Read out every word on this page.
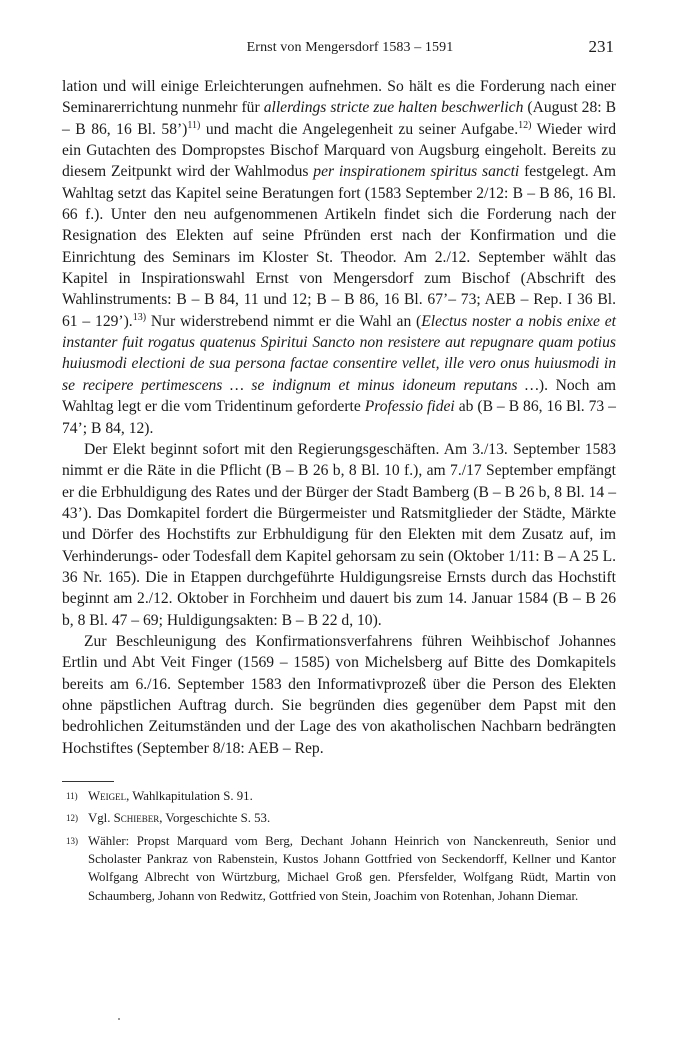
Ernst von Mengersdorf 1583 – 1591	231

lation und will einige Erleichterungen aufnehmen. So hält es die Forderung nach einer Seminarerrichtung nunmehr für allerdings stricte zue halten beschwerlich (August 28: B – B 86, 16 Bl. 58’)$^{11)}$ und macht die Angelegenheit zu seiner Aufgabe.$^{12)}$ Wieder wird ein Gutachten des Dompropstes Bischof Marquard von Augsburg eingeholt. Bereits zu diesem Zeitpunkt wird der Wahlmodus per inspirationem spiritus sancti festgelegt. Am Wahltag setzt das Kapitel seine Beratungen fort (1583 September 2/12: B – B 86, 16 Bl. 66 f.). Unter den neu aufgenommenen Artikeln findet sich die Forderung nach der Resignation des Elekten auf seine Pfründen erst nach der Konfirmation und die Einrichtung des Seminars im Kloster St. Theodor. Am 2./12. September wählt das Kapitel in Inspirationswahl Ernst von Mengersdorf zum Bischof (Abschrift des Wahlinstruments: B – B 84, 11 und 12; B – B 86, 16 Bl. 67’– 73; AEB – Rep. I 36 Bl. 61 – 129’).$^{13)}$ Nur widerstrebend nimmt er die Wahl an (Electus noster a nobis enixe et instanter fuit rogatus quatenus Spiritui Sancto non resistere aut repugnare quam potius huiusmodi electioni de sua persona factae consentire vellet, ille vero onus huiusmodi in se recipere pertimescens … se indignum et minus idoneum reputans …). Noch am Wahltag legt er die vom Tridentinum geforderte Professio fidei ab (B – B 86, 16 Bl. 73 – 74’; B 84, 12).

Der Elekt beginnt sofort mit den Regierungsgeschäften. Am 3./13. September 1583 nimmt er die Räte in die Pflicht (B – B 26 b, 8 Bl. 10 f.), am 7./17 September empfängt er die Erbhuldigung des Rates und der Bürger der Stadt Bamberg (B – B 26 b, 8 Bl. 14 – 43’). Das Domkapitel fordert die Bürgermeister und Ratsmitglieder der Städte, Märkte und Dörfer des Hochstifts zur Erbhuldigung für den Elekten mit dem Zusatz auf, im Verhinderungs- oder Todesfall dem Kapitel gehorsam zu sein (Oktober 1/11: B – A 25 L. 36 Nr. 165). Die in Etappen durchgeführte Huldigungsreise Ernsts durch das Hochstift beginnt am 2./12. Oktober in Forchheim und dauert bis zum 14. Januar 1584 (B – B 26 b, 8 Bl. 47 – 69; Huldigungsakten: B – B 22 d, 10).

Zur Beschleunigung des Konfirmationsverfahrens führen Weihbischof Johannes Ertlin und Abt Veit Finger (1569 – 1585) von Michelsberg auf Bitte des Domkapitels bereits am 6./16. September 1583 den Informativprozeß über die Person des Elekten ohne päpstlichen Auftrag durch. Sie begründen dies gegenüber dem Papst mit den bedrohlichen Zeitumständen und der Lage des von akatholischen Nachbarn bedrängten Hochstiftes (September 8/18: AEB – Rep.

$^{11)}$ Weigel, Wahlkapitulation S. 91.
$^{12)}$ Vgl. Schieber, Vorgeschichte S. 53.
$^{13)}$ Wähler: Propst Marquard vom Berg, Dechant Johann Heinrich von Nanckenreuth, Senior und Scholaster Pankraz von Rabenstein, Kustos Johann Gottfried von Seckendorff, Kellner und Kantor Wolfgang Albrecht von Würtzburg, Michael Groß gen. Pfersfelder, Wolfgang Rüdt, Martin von Schaumberg, Johann von Redwitz, Gottfried von Stein, Joachim von Rotenhan, Johann Diemar.
